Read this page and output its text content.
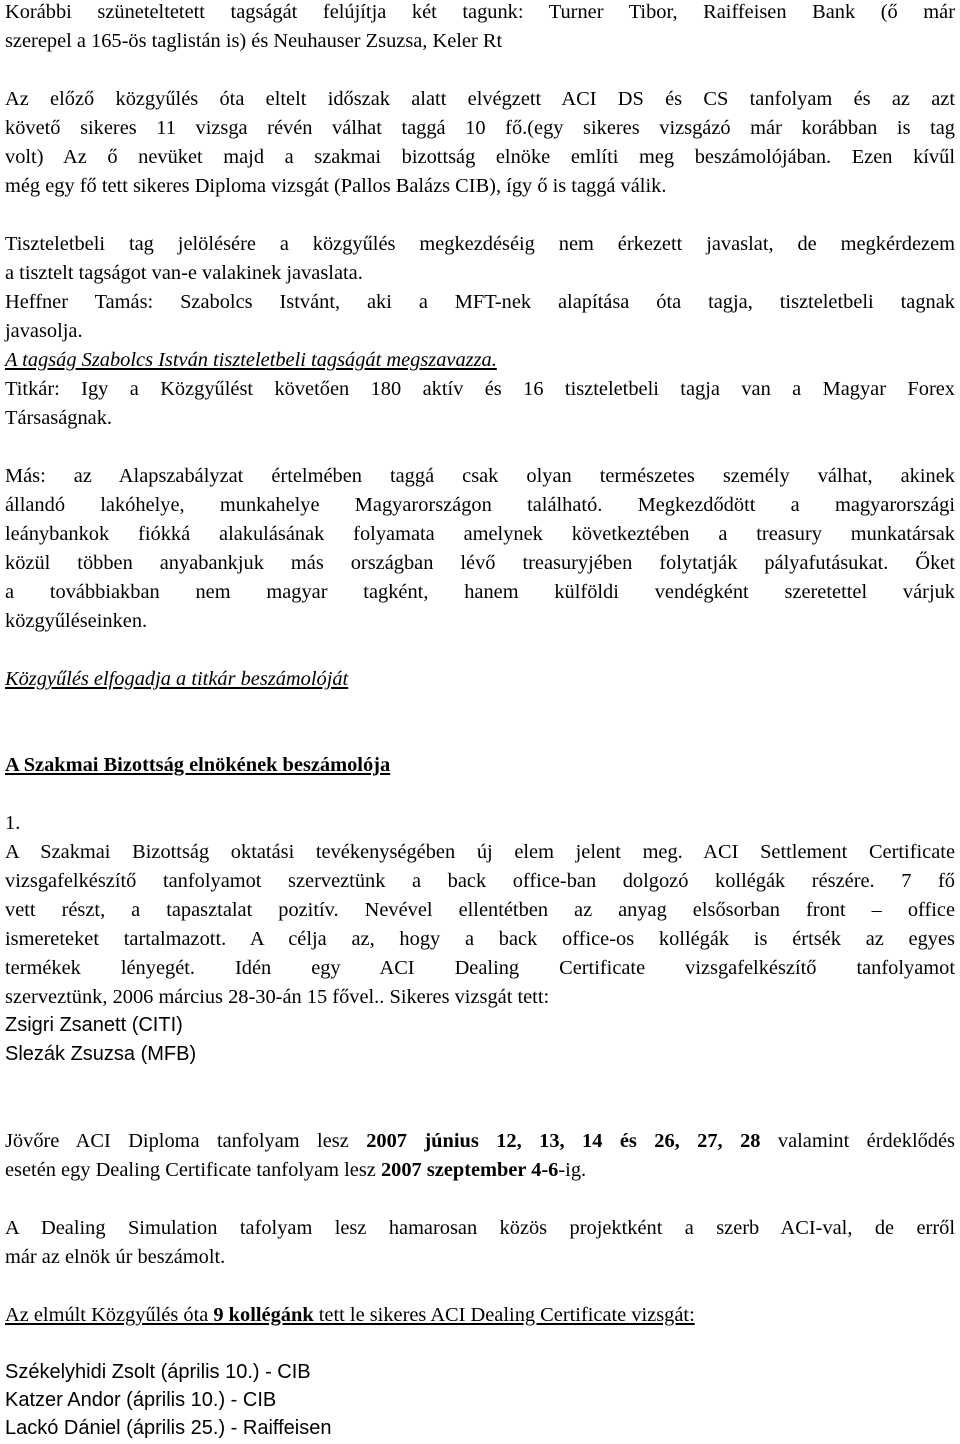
Korábbi szüneteltetett tagságát felújítja két tagunk: Turner Tibor, Raiffeisen Bank (ő már
szerepel a 165-ös taglistán is) és Neuhauser Zsuzsa, Keler Rt
Az előző közgyűlés óta eltelt időszak alatt elvégzett ACI DS és CS tanfolyam és az azt
követő sikeres 11 vizsga révén válhat taggá 10 fő.(egy sikeres vizsgázó már korábban is tag
volt) Az ő nevüket majd a szakmai bizottság elnöke említi meg beszámolójában. Ezen kívűl
még egy fő tett sikeres Diploma vizsgát (Pallos Balázs CIB), így ő is taggá válik.
Tiszteletbeli tag jelölésére a közgyűlés megkezdéséig nem érkezett javaslat, de megkérdezem
a tisztelt tagságot van-e valakinek javaslata.
Heffner Tamás: Szabolcs Istvánt, aki a MFT-nek alapítása óta tagja, tiszteletbeli tagnak
javasolja.
A tagság Szabolcs István tiszteletbeli tagságát megszavazza.
Titkár: Igy a Közgyűlést követően 180 aktív és 16 tiszteletbeli tagja van a Magyar Forex
Társaságnak.
Más: az Alapszabályzat értelmében taggá csak olyan természetes személy válhat, akinek
állandó lakóhelye, munkahelye Magyarországon található. Megkezdődött a magyarországi
leánybankok fiókká alakulásának folyamata amelynek következtében a treasury munkatársak
közül többen anyabankjuk más országban lévő treasuryjében folytatják pályafutásukat. Őket
a továbbiakban nem magyar tagként, hanem külföldi vendégként szeretettel várjuk
közgyűléseinken.
Közgyűlés elfogadja a titkár beszámolóját
A Szakmai Bizottság elnökének beszámolója
1.
A Szakmai Bizottság oktatási tevékenységében új elem jelent meg. ACI Settlement Certificate
vizsgafelkészítő tanfolyamot szerveztünk a back office-ban dolgozó kollégák részére. 7 fő
vett részt, a tapasztalat pozitív. Nevével ellentétben az anyag elsősorban front – office
ismereteket tartalmazott. A célja az, hogy a back office-os kollégák is értsék az egyes
termékek lényegét. Idén egy ACI Dealing Certificate vizsgafelkészítő tanfolyamot
szerveztünk, 2006 március 28-30-án 15 fővel.. Sikeres vizsgát tett:
Zsigri Zsanett (CITI)
Slezák Zsuzsa (MFB)
Jövőre ACI Diploma tanfolyam lesz 2007 június 12, 13, 14 és 26, 27, 28 valamint érdeklődés
esetén egy Dealing Certificate tanfolyam lesz 2007 szeptember 4-6-ig.
A Dealing Simulation tafolyam lesz hamarosan közös projektként a szerb ACI-val, de erről
már az elnök úr beszámolt.
Az elmúlt Közgyűlés óta 9 kollégánk tett le sikeres ACI Dealing Certificate vizsgát:
Székelyhidi Zsolt (április 10.) - CIB
Katzer Andor (április 10.) - CIB
Lackó Dániel (április 25.) - Raiffeisen
